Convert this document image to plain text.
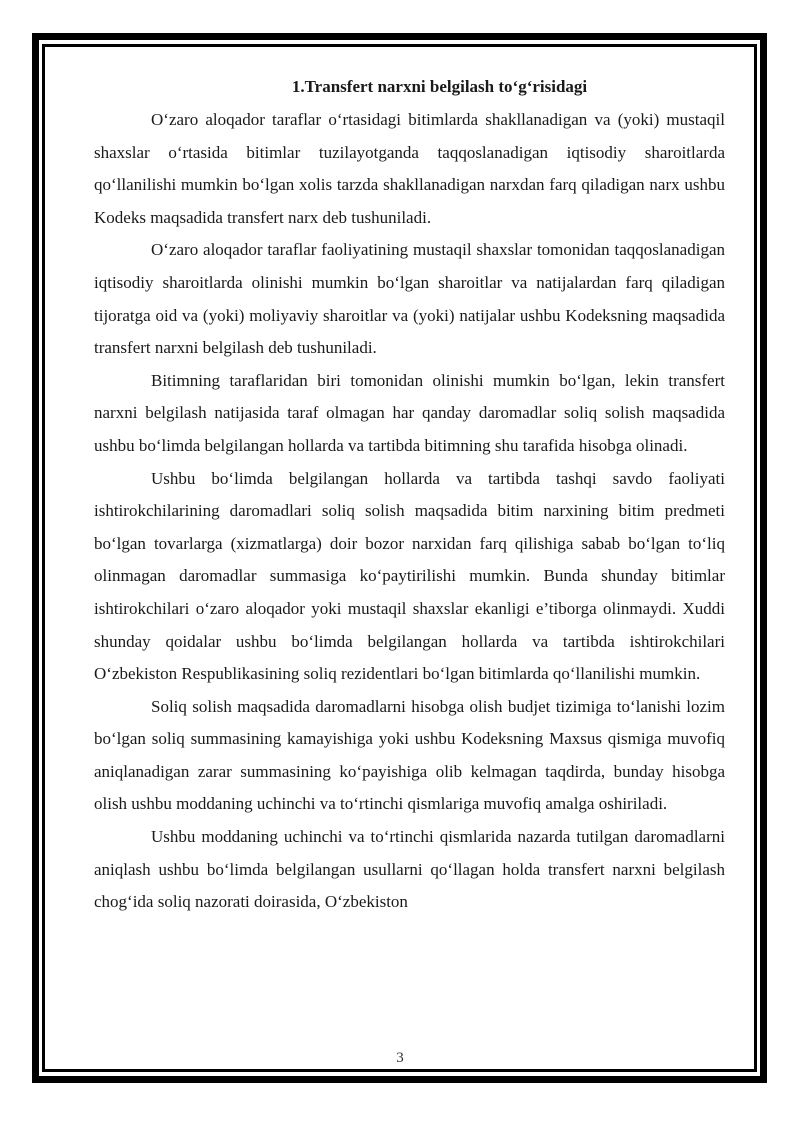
1.Transfert narxni belgilash to‘g‘risidagi

O‘zaro aloqador taraflar o‘rtasidagi bitimlarda shakllanadigan va (yoki) mustaqil shaxslar o‘rtasida bitimlar tuzilayotganda taqqoslanadigan iqtisodiy sharoitlarda qo‘llanilishi mumkin bo‘lgan xolis tarzda shakllanadigan narxdan farq qiladigan narx ushbu Kodeks maqsadida transfert narx deb tushuniladi.

O‘zaro aloqador taraflar faoliyatining mustaqil shaxslar tomonidan taqqoslanadigan iqtisodiy sharoitlarda olinishi mumkin bo‘lgan sharoitlar va natijalardan farq qiladigan tijoratga oid va (yoki) moliyaviy sharoitlar va (yoki) natijalar ushbu Kodeksning maqsadida transfert narxni belgilash deb tushuniladi.

Bitimning taraflaridan biri tomonidan olinishi mumkin bo‘lgan, lekin transfert narxni belgilash natijasida taraf olmagan har qanday daromadlar soliq solish maqsadida ushbu bo‘limda belgilangan hollarda va tartibda bitimning shu tarafida hisobga olinadi.

Ushbu bo‘limda belgilangan hollarda va tartibda tashqi savdo faoliyati ishtirokchilarining daromadlari soliq solish maqsadida bitim narxining bitim predmeti bo‘lgan tovarlarga (xizmatlarga) doir bozor narxidan farq qilishiga sabab bo‘lgan to‘liq olinmagan daromadlar summasiga ko‘paytirilishi mumkin. Bunda shunday bitimlar ishtirokchilari o‘zaro aloqador yoki mustaqil shaxslar ekanligi e’tiborga olinmaydi. Xuddi shunday qoidalar ushbu bo‘limda belgilangan hollarda va tartibda ishtirokchilari O‘zbekiston Respublikasining soliq rezidentlari bo‘lgan bitimlarda qo‘llanilishi mumkin.

Soliq solish maqsadida daromadlarni hisobga olish budjet tizimiga to‘lanishi lozim bo‘lgan soliq summasining kamayishiga yoki ushbu Kodeksning Maxsus qismiga muvofiq aniqlanadigan zarar summasining ko‘payishiga olib kelmagan taqdirda, bunday hisobga olish ushbu moddaning uchinchi va to‘rtinchi qismlariga muvofiq amalga oshiriladi.

Ushbu moddaning uchinchi va to‘rtinchi qismlarida nazarda tutilgan daromadlarni aniqlash ushbu bo‘limda belgilangan usullarni qo‘llagan holda transfert narxni belgilash chog‘ida soliq nazorati doirasida, O‘zbekiston

3
